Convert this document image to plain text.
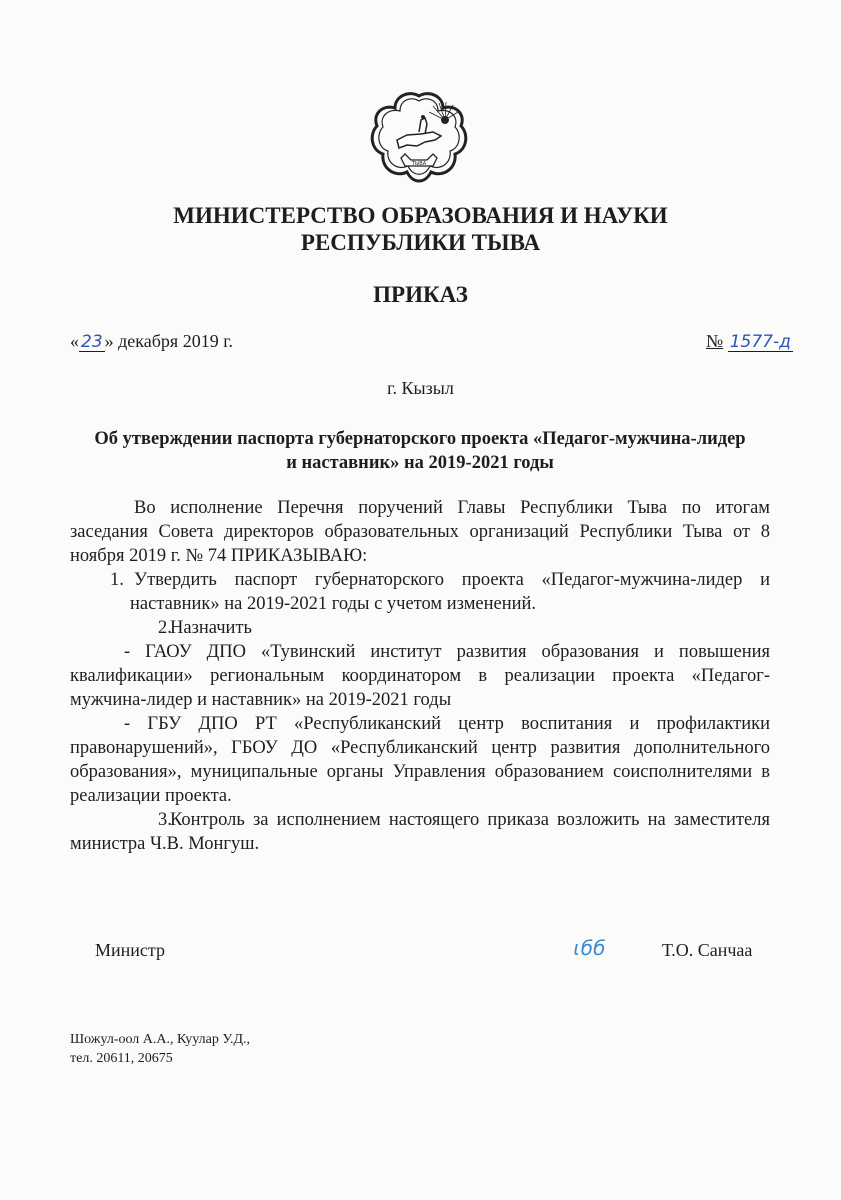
ТЫВА
МИНИСТЕРСТВО ОБРАЗОВАНИЯ И НАУКИ
РЕСПУБЛИКИ ТЫВА
ПРИКАЗ
« 23 » декабря 2019 г.	№ 1577-д
г. Кызыл
Об утверждении паспорта губернаторского проекта «Педагог-мужчина-лидер
и наставник» на 2019-2021 годы

Во исполнение Перечня поручений Главы Республики Тыва по итогам заседания Совета директоров образовательных организаций Республики Тыва от 8 ноября 2019 г. № 74 ПРИКАЗЫВАЮ:

1. Утвердить паспорт губернаторского проекта «Педагог-мужчина-лидер и наставник» на 2019-2021 годы с учетом изменений.

2.Назначить

- ГАОУ ДПО «Тувинский институт развития образования и повышения квалификации» региональным координатором в реализации проекта «Педагог-мужчина-лидер и наставник» на 2019-2021 годы

- ГБУ ДПО РТ «Республиканский центр воспитания и профилактики правонарушений», ГБОУ ДО «Республиканский центр развития дополнительного образования», муниципальные органы Управления образованием соисполнителями в реализации проекта.

3.Контроль за исполнением настоящего приказа возложить на заместителя министра Ч.В. Монгуш.

Министр	ɩбб	Т.О. Санчаа
Шожул-оол А.А., Куулар У.Д.,
тел. 20611, 20675
